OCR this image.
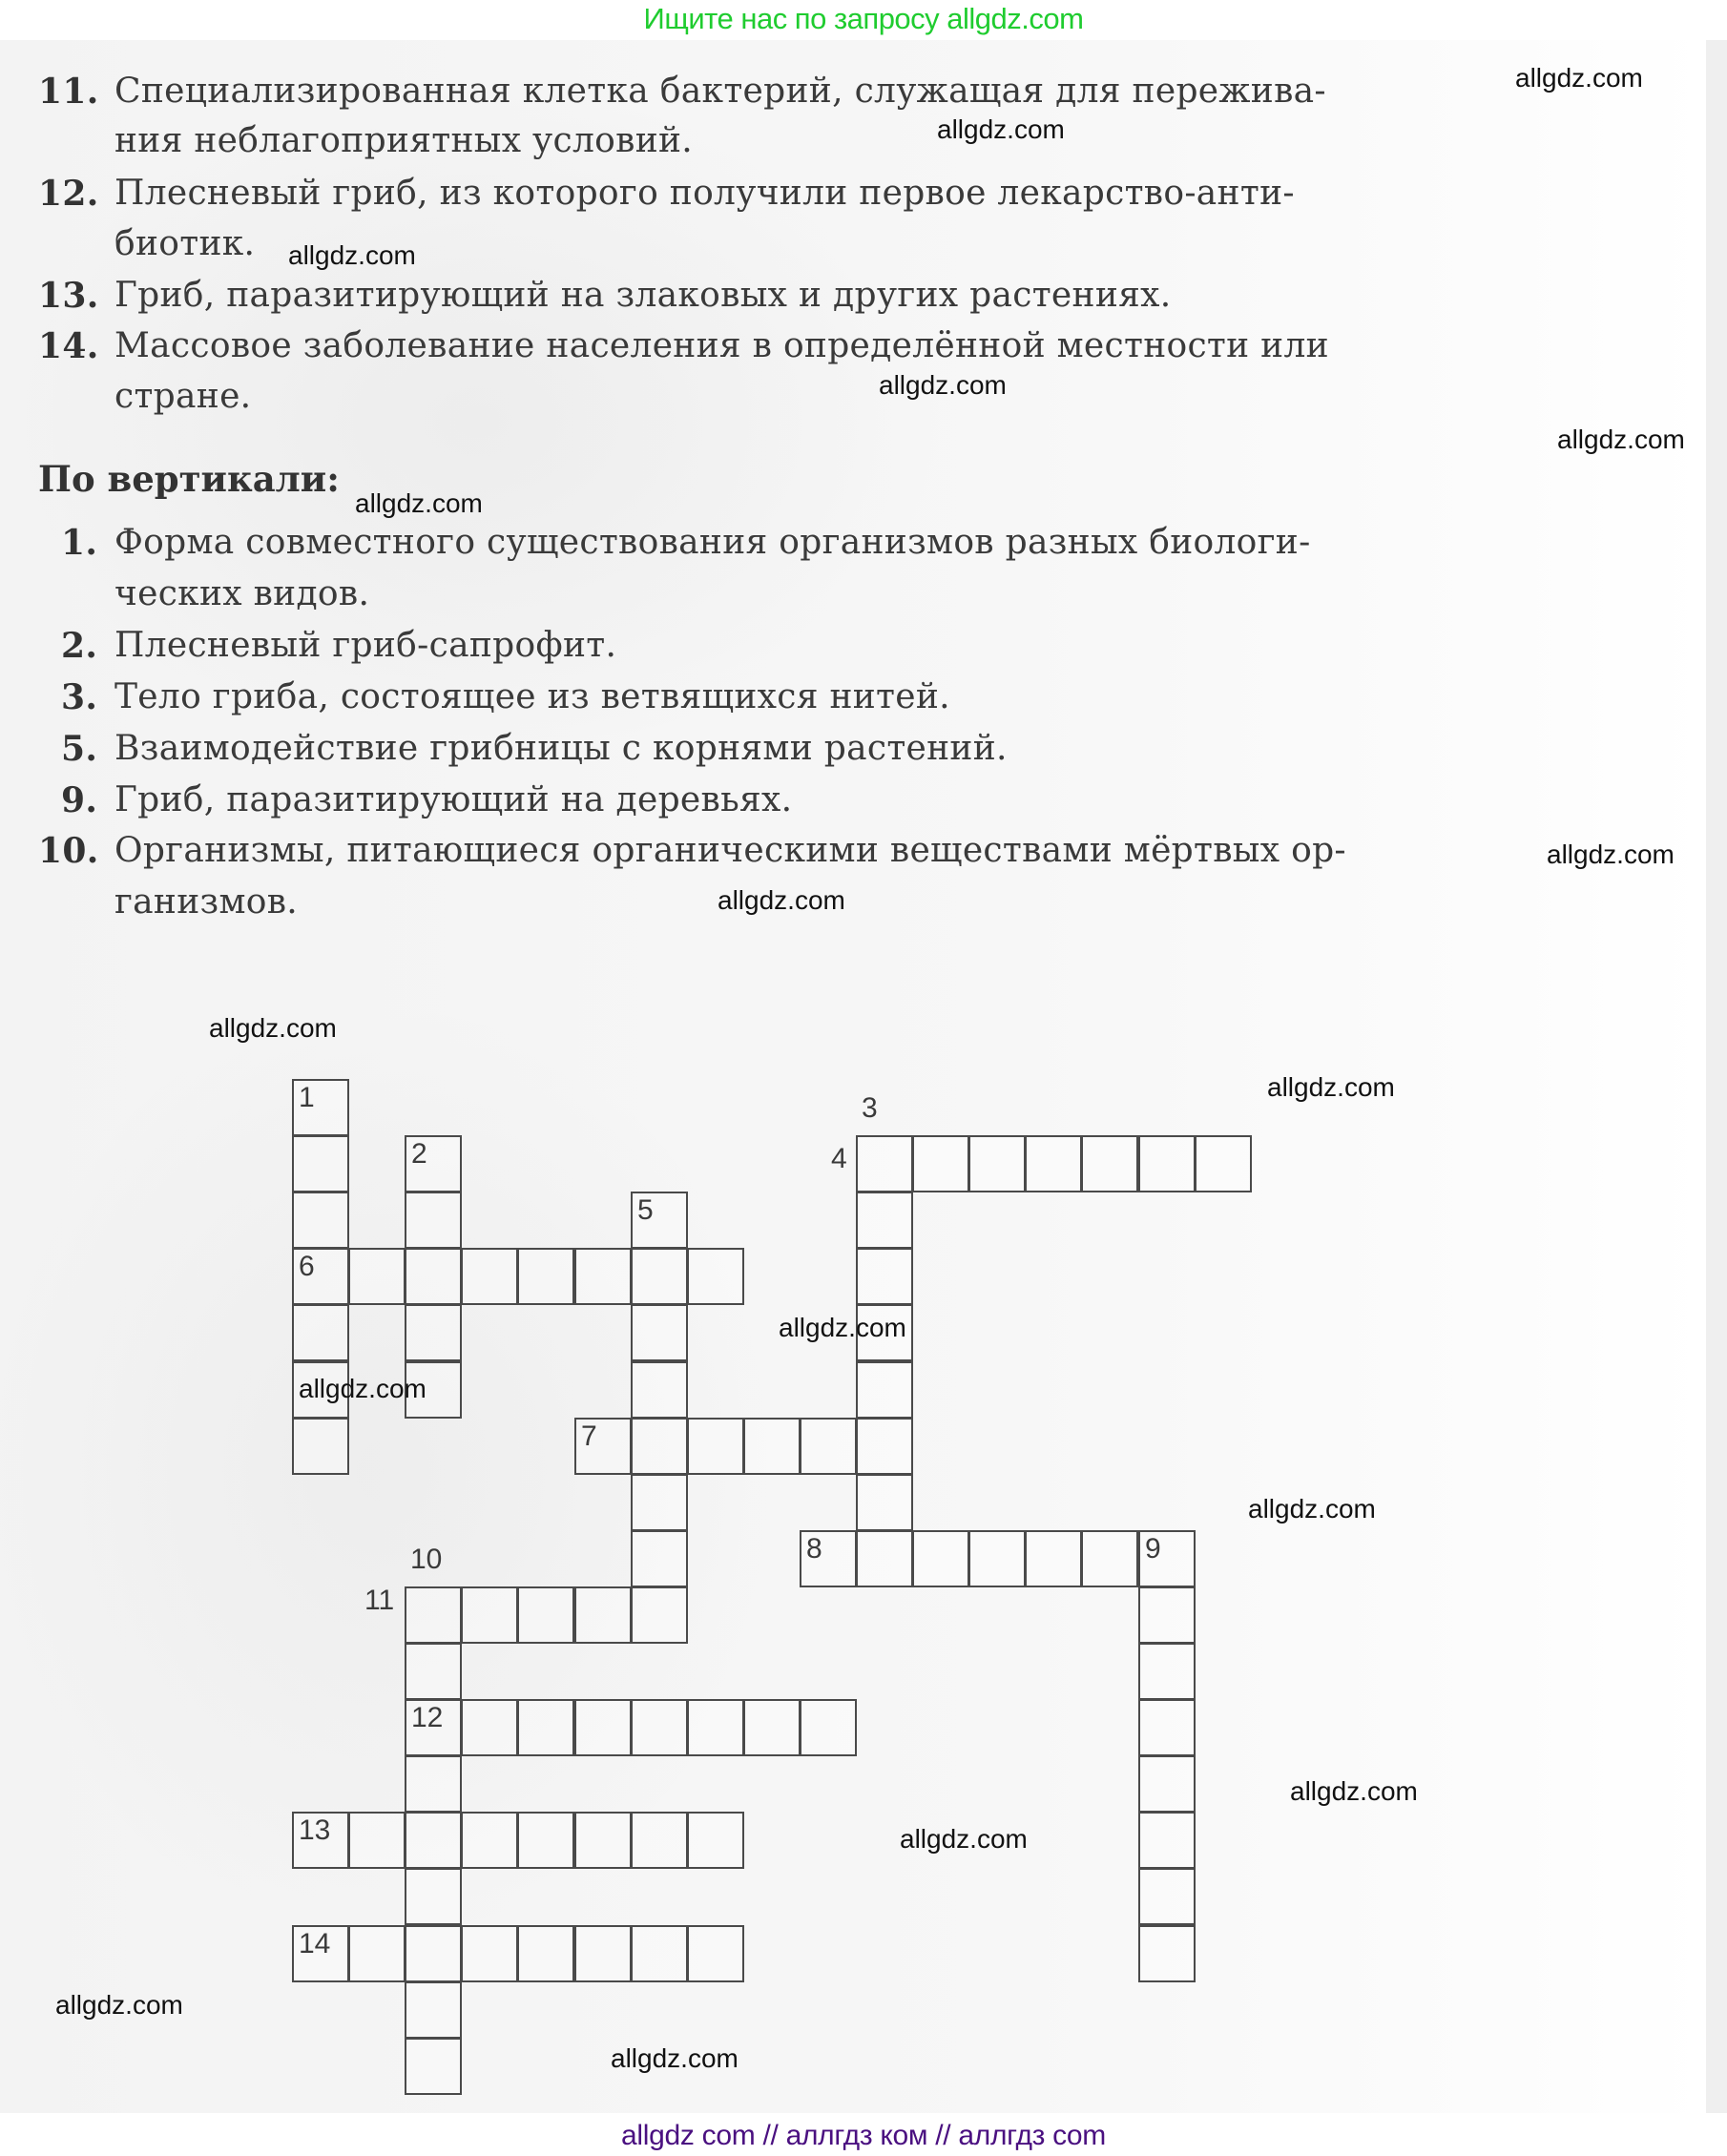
Ищите нас по запросу allgdz.com
11. Специализированная клетка бактерий, служащая для пережива-
ния неблагоприятных условий.
12. Плесневый гриб, из которого получили первое лекарство-анти-
биотик.
13. Гриб, паразитирующий на злаковых и других растениях.
14. Массовое заболевание населения в определённой местности или
стране.
По вертикали:
1. Форма совместного существования организмов разных биологи-
ческих видов.
2. Плесневый гриб-сапрофит.
3. Тело гриба, состоящее из ветвящихся нитей.
5. Взаимодействие грибницы с корнями растений.
9. Гриб, паразитирующий на деревьях.
10. Организмы, питающиеся органическими веществами мёртвых ор-
ганизмов.
1
6
2
3
4
5
7
8	9
10
12
11
13
14
allgdz.com
allgdz.com
allgdz.com
allgdz.com
allgdz.com
allgdz.com
allgdz.com
allgdz.com
allgdz.com
allgdz.com
allgdz.com
allgdz.com
allgdz.com
allgdz.com
allgdz.com
allgdz.com
allgdz.com
allgdz com // аллгдз ком // аллгдз com
